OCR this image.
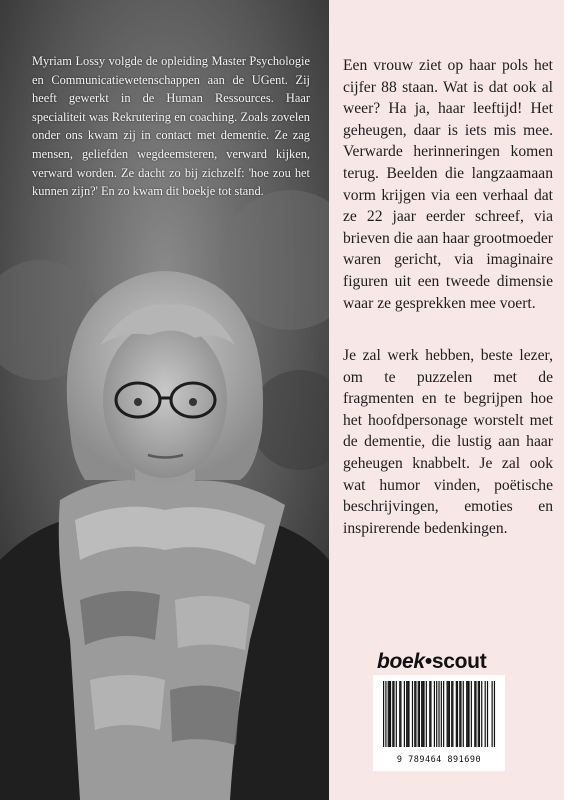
Myriam Lossy volgde de opleiding Master Psychologie en Communicatiewetenschappen aan de UGent. Zij heeft gewerkt in de Human Ressources. Haar specialiteit was Rekrutering en coaching. Zoals zovelen onder ons kwam zij in contact met dementie. Ze zag mensen, geliefden wegdeemsteren, verward kijken, verward worden. Ze dacht zo bij zichzelf: 'hoe zou het kunnen zijn?' En zo kwam dit boekje tot stand.

Een vrouw ziet op haar pols het cijfer 88 staan. Wat is dat ook al weer? Ha ja, haar leeftijd! Het geheugen, daar is iets mis mee. Verwarde herinneringen komen terug. Beelden die langzaamaan vorm krijgen via een verhaal dat ze 22 jaar eerder schreef, via brieven die aan haar grootmoeder waren gericht, via imaginaire figuren uit een tweede dimensie waar ze gesprekken mee voert.

Je zal werk hebben, beste lezer, om te puzzelen met de fragmenten en te begrijpen hoe het hoofdpersonage worstelt met de dementie, die lustig aan haar geheugen knabbelt. Je zal ook wat humor vinden, poëtische beschrijvingen, emoties en inspirerende bedenkingen.

boek•scout
9 789464 891690
